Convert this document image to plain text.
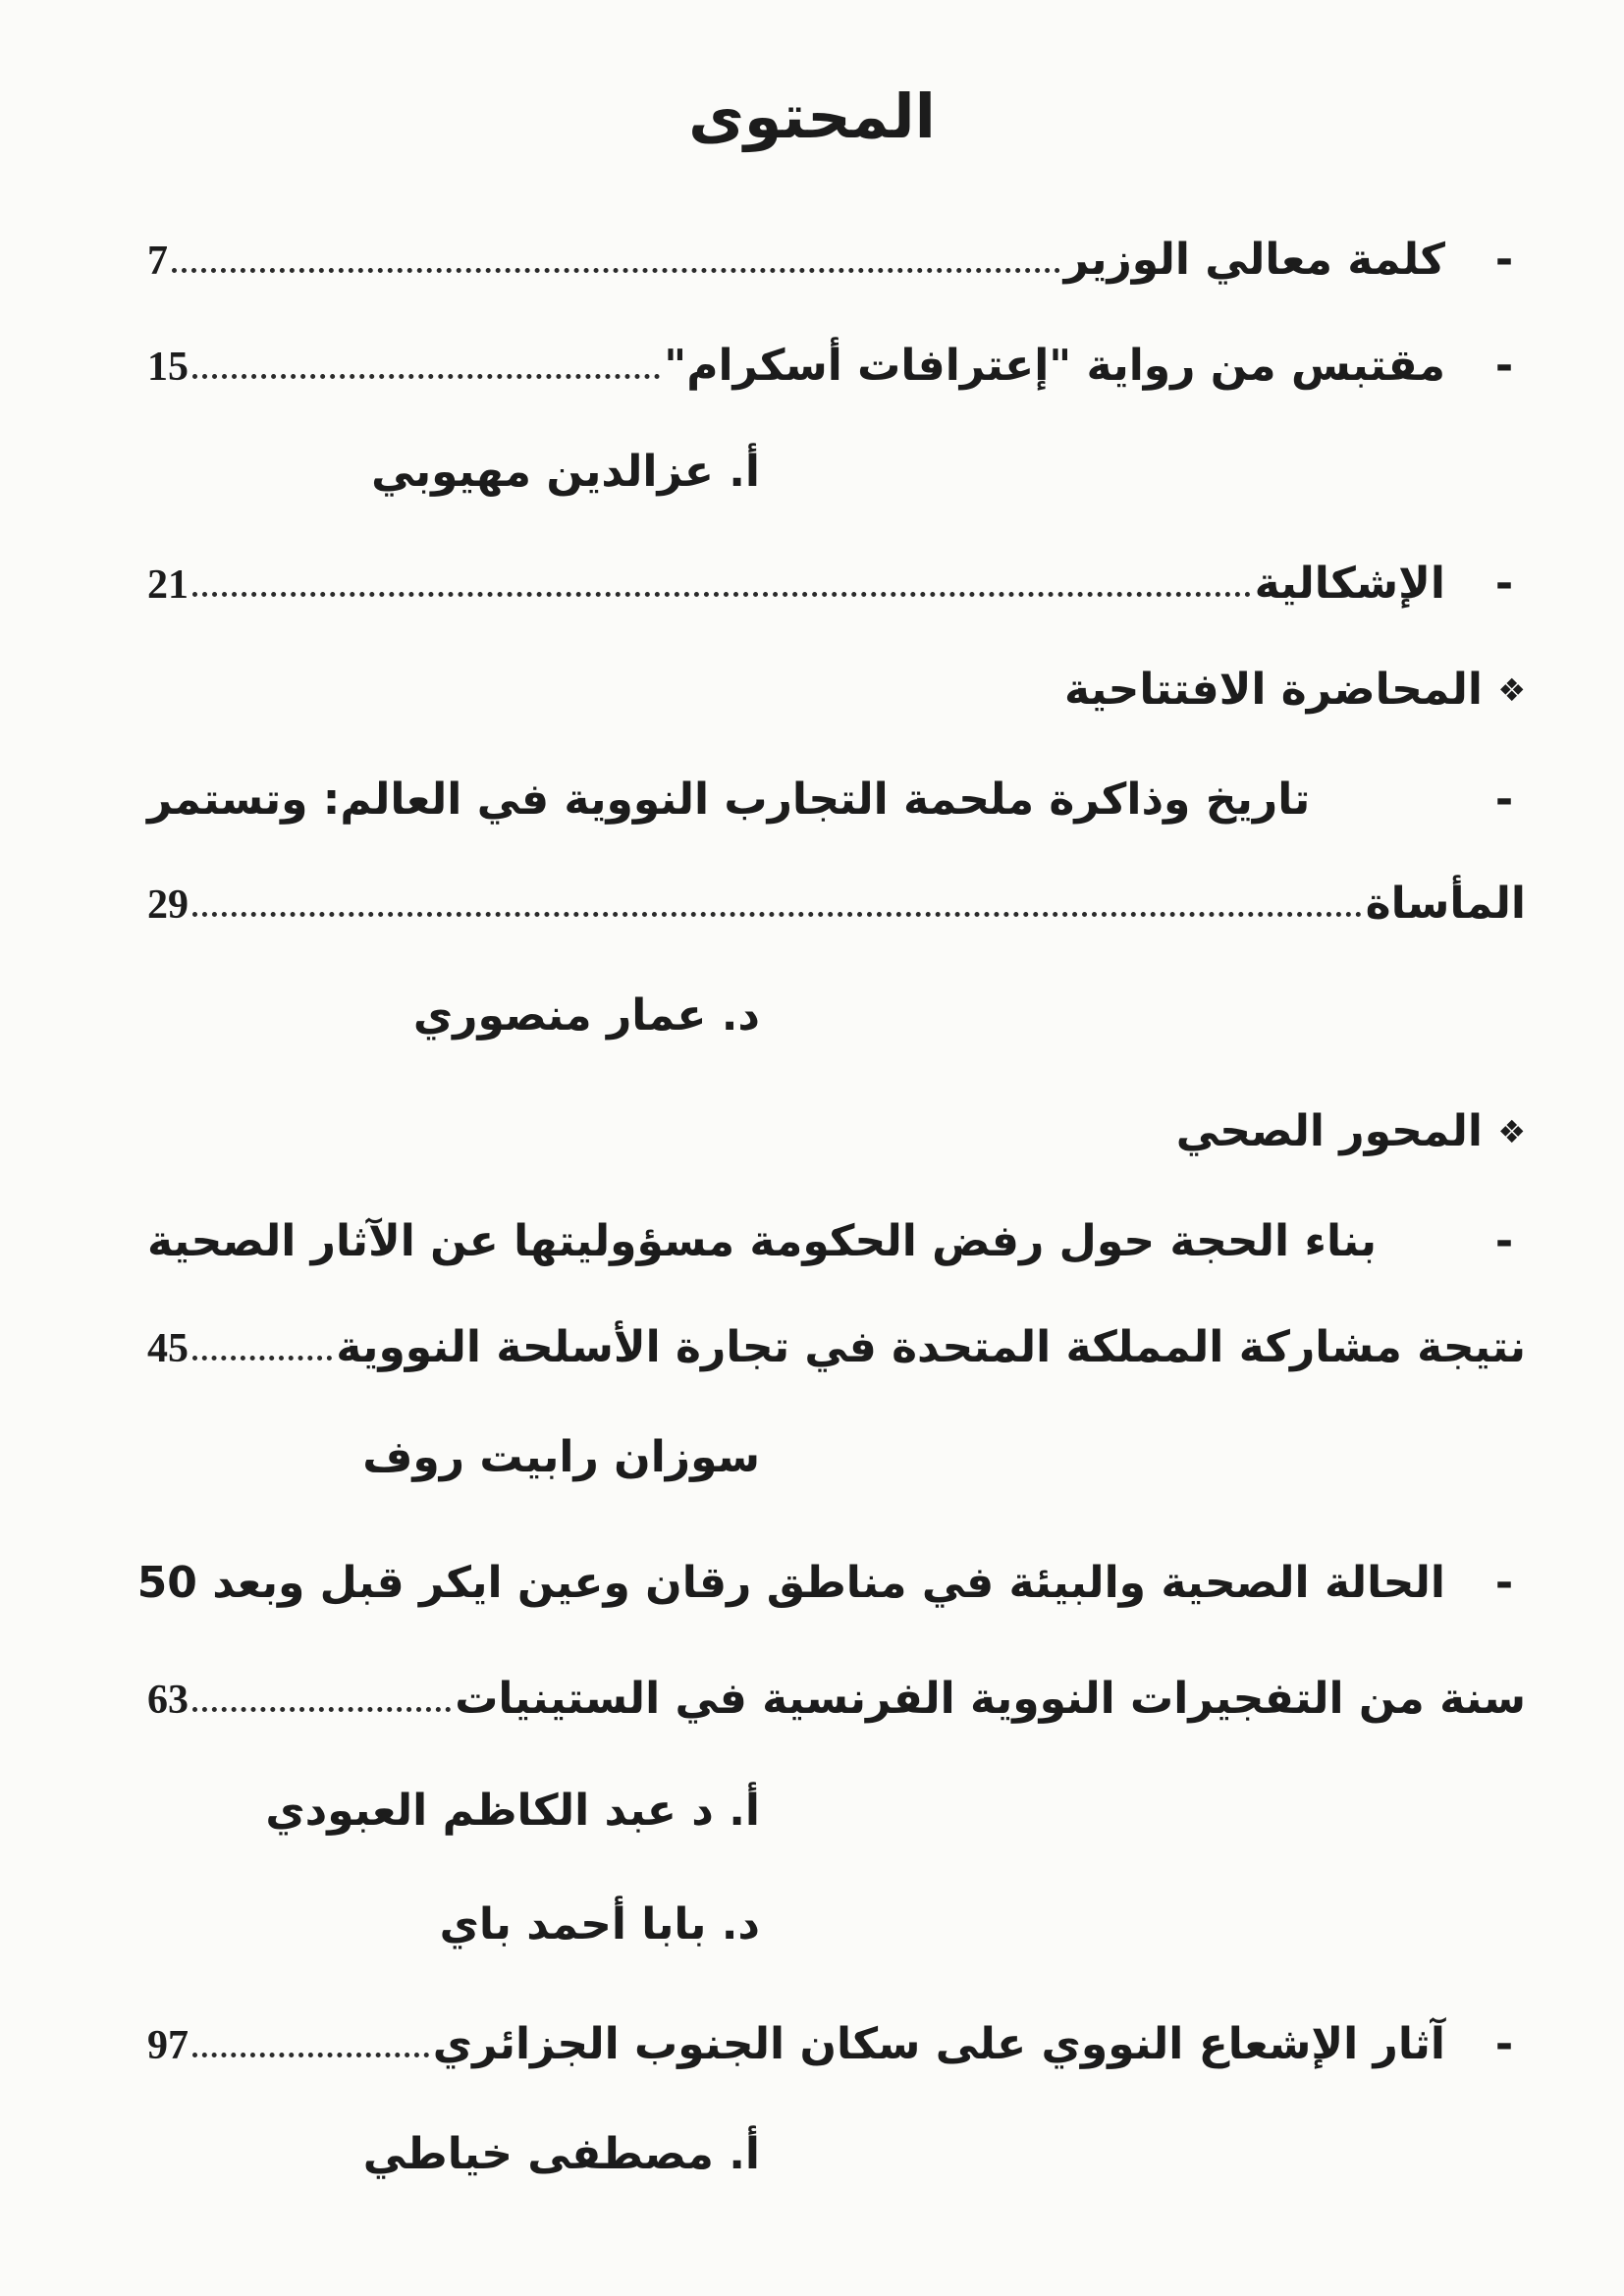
المحتوى
-
كلمة معالي الوزير
7
-
مقتبس من رواية "إعترافات أسكرام"
15
أ. عزالدين مهيوبي
-
الإشكالية
21
❖
المحاضرة الافتتاحية
-
تاريخ وذاكرة ملحمة التجارب النووية في العالم: وتستمر
المأساة
29
د. عمار منصوري
❖
المحور الصحي
-
بناء الحجة حول رفض الحكومة مسؤوليتها عن الآثار الصحية
نتيجة مشاركة المملكة المتحدة في تجارة الأسلحة النووية
45
سوزان رابيت روف
-
الحالة الصحية والبيئة في مناطق رقان وعين ايكر قبل وبعد 50
سنة من التفجيرات النووية الفرنسية في الستينيات
63
أ. د عبد الكاظم العبودي
د. بابا أحمد باي
-
آثار الإشعاع النووي على سكان الجنوب الجزائري
97
أ. مصطفى خياطي
